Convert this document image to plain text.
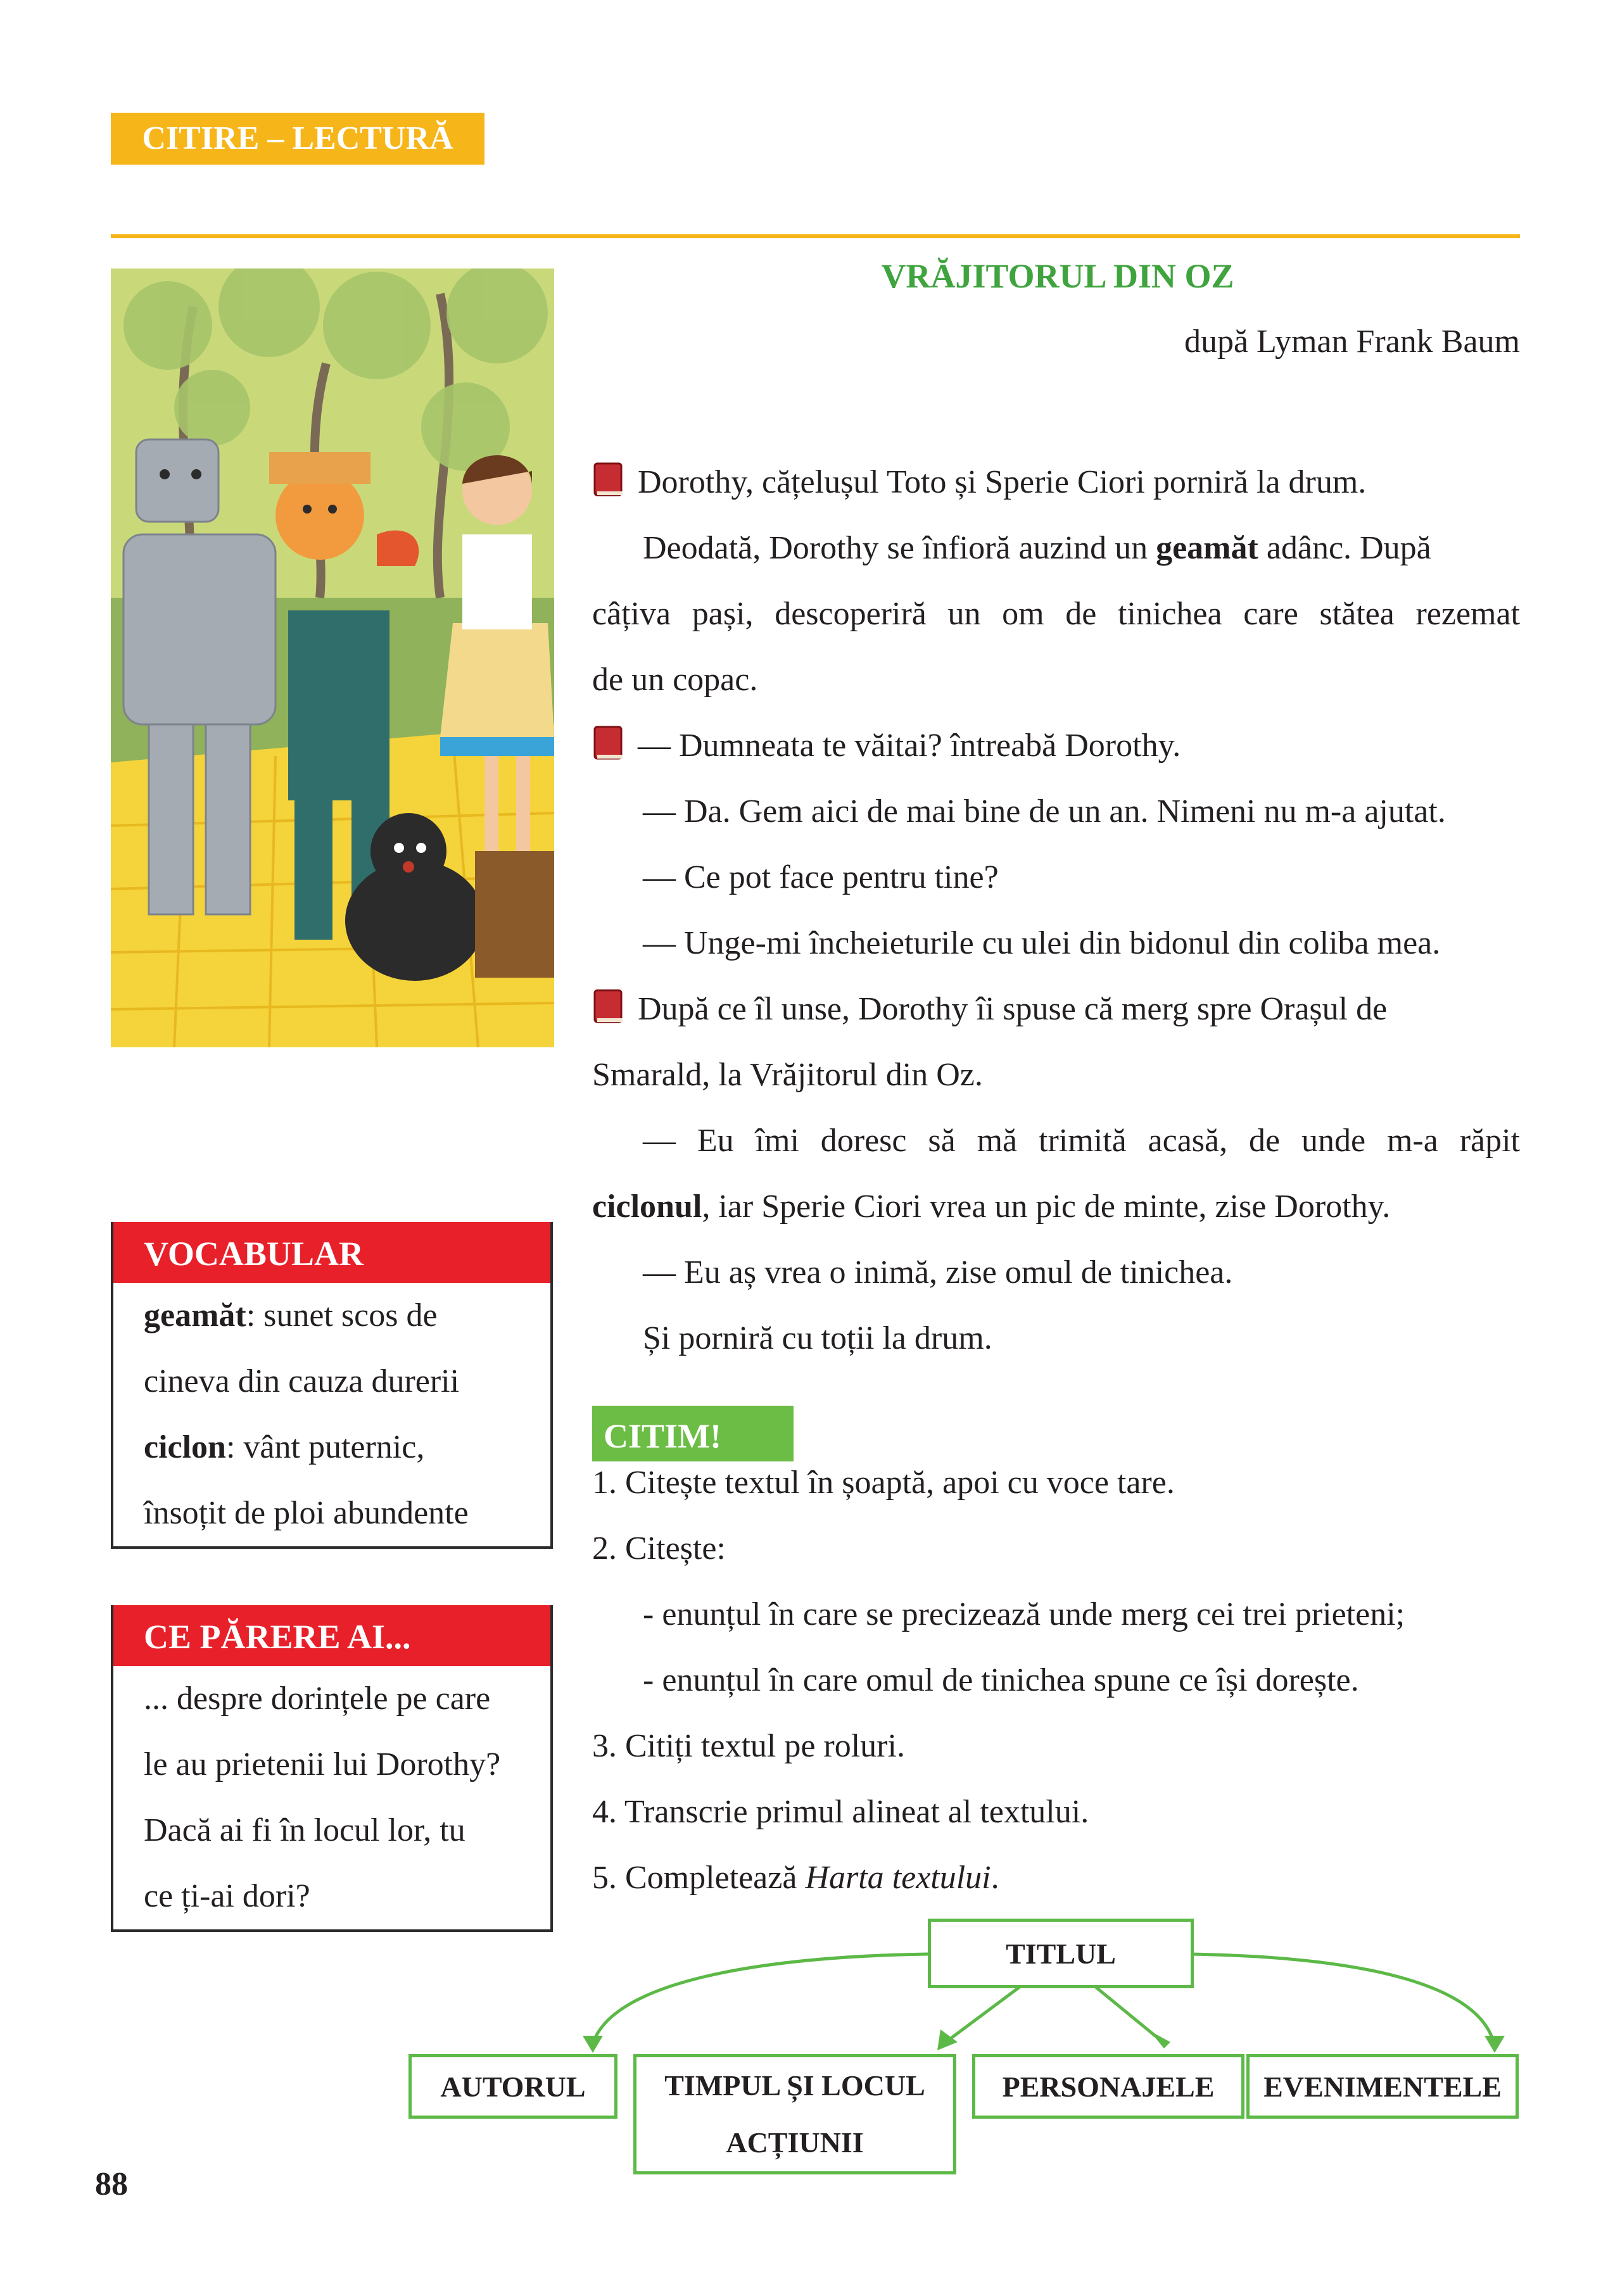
CITIRE – LECTURĂ
VRĂJITORUL DIN OZ
după Lyman Frank Baum
Dorothy, cățelușul Toto și Sperie Ciori porniră la drum.
Deodată, Dorothy se înfioră auzind un geamăt adânc. După
câțiva pași, descoperiră un om de tinichea care stătea rezemat
de un copac.
— Dumneata te văitai? întreabă Dorothy.
— Da. Gem aici de mai bine de un an. Nimeni nu m-a ajutat.
— Ce pot face pentru tine?
— Unge-mi încheieturile cu ulei din bidonul din coliba mea.
După ce îl unse, Dorothy îi spuse că merg spre Orașul de
Smarald, la Vrăjitorul din Oz.
— Eu îmi doresc să mă trimită acasă, de unde m-a răpit
ciclonul, iar Sperie Ciori vrea un pic de minte, zise Dorothy.
— Eu aș vrea o inimă, zise omul de tinichea.
Și porniră cu toții la drum.
VOCABULAR
geamăt: sunet scos de
cineva din cauza durerii
ciclon: vânt puternic,
însoțit de ploi abundente
CE PĂRERE AI...
... despre dorințele pe care
le au prietenii lui Dorothy?
Dacă ai fi în locul lor, tu
ce ți-ai dori?
CITIM!
1. Citește textul în șoaptă, apoi cu voce tare.
2. Citește:
- enunțul în care se precizează unde merg cei trei prieteni;
- enunțul în care omul de tinichea spune ce își dorește.
3. Citiți textul pe roluri.
4. Transcrie primul alineat al textului.
5. Completează Harta textului.
TITLUL
AUTORUL	TIMPUL ȘI LOCUL
ACȚIUNII
PERSONAJELE	EVENIMENTELE
88
